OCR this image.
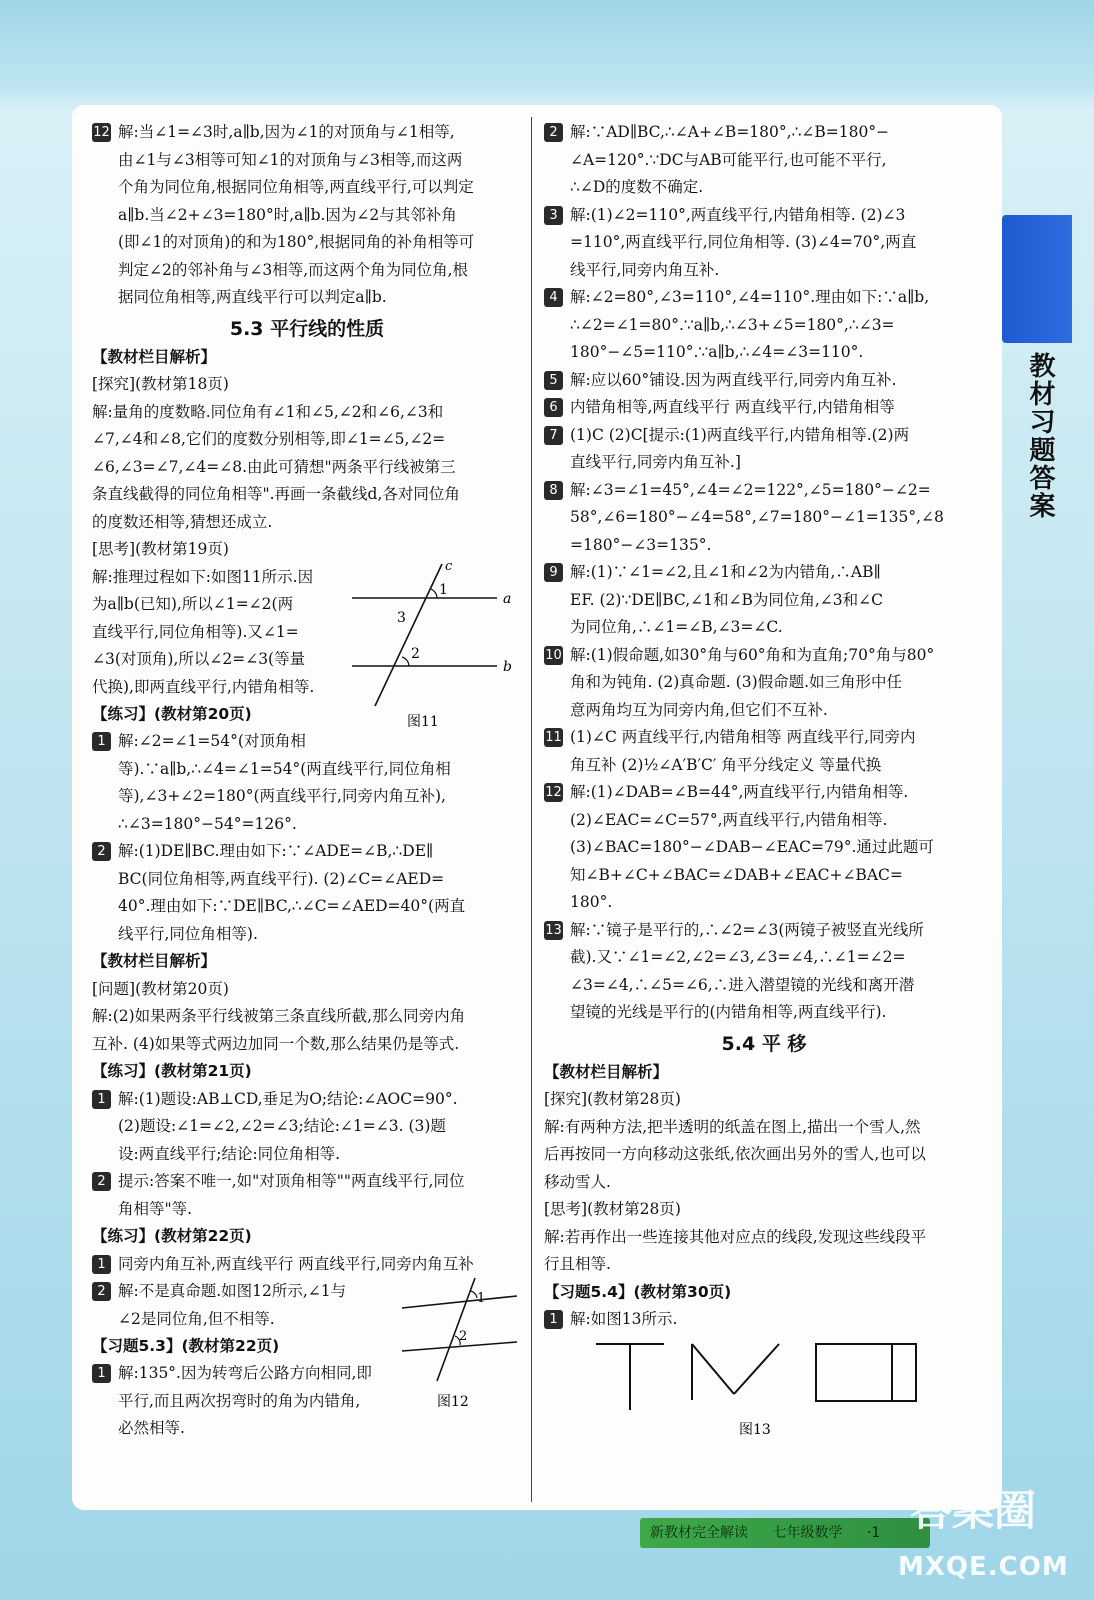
12 解:当∠1=∠3时,a∥b,因为∠1的对顶角与∠1相等,
由∠1与∠3相等可知∠1的对顶角与∠3相等,而这两
个角为同位角,根据同位角相等,两直线平行,可以判定
a∥b.当∠2+∠3=180°时,a∥b.因为∠2与其邻补角
(即∠1的对顶角)的和为180°,根据同角的补角相等可
判定∠2的邻补角与∠3相等,而这两个角为同位角,根
据同位角相等,两直线平行可以判定a∥b.
5.3 平行线的性质
【教材栏目解析】
[探究](教材第18页)
解:量角的度数略.同位角有∠1和∠5,∠2和∠6,∠3和
∠7,∠4和∠8,它们的度数分别相等,即∠1=∠5,∠2=
∠6,∠3=∠7,∠4=∠8.由此可猜想"两条平行线被第三
条直线截得的同位角相等".再画一条截线d,各对同位角
的度数还相等,猜想还成立.
[思考](教材第19页)
解:推理过程如下:如图11所示.因
为a∥b(已知),所以∠1=∠2(两
直线平行,同位角相等).又∠1=
∠3(对顶角),所以∠2=∠3(等量
代换),即两直线平行,内错角相等.
c
a
b
1
2
3
图11
【练习】(教材第20页)
1 解:∠2=∠1=54°(对顶角相
等).∵a∥b,∴∠4=∠1=54°(两直线平行,同位角相
等),∠3+∠2=180°(两直线平行,同旁内角互补),
∴∠3=180°−54°=126°.
2 解:(1)DE∥BC.理由如下:∵∠ADE=∠B,∴DE∥
BC(同位角相等,两直线平行). (2)∠C=∠AED=
40°.理由如下:∵DE∥BC,∴∠C=∠AED=40°(两直
线平行,同位角相等).
【教材栏目解析】
[问题](教材第20页)
解:(2)如果两条平行线被第三条直线所截,那么同旁内角
互补. (4)如果等式两边加同一个数,那么结果仍是等式.
【练习】(教材第21页)
1 解:(1)题设:AB⊥CD,垂足为O;结论:∠AOC=90°.
(2)题设:∠1=∠2,∠2=∠3;结论:∠1=∠3. (3)题
设:两直线平行;结论:同位角相等.
2 提示:答案不唯一,如"对顶角相等""两直线平行,同位
角相等"等.
【练习】(教材第22页)
1 同旁内角互补,两直线平行 两直线平行,同旁内角互补
2 解:不是真命题.如图12所示,∠1与
∠2是同位角,但不相等.
【习题5.3】(教材第22页)
1 解:135°.因为转弯后公路方向相同,即
平行,而且两次拐弯时的角为内错角,
必然相等.
1
2
图12
2 解:∵AD∥BC,∴∠A+∠B=180°,∴∠B=180°−
∠A=120°.∵DC与AB可能平行,也可能不平行,
∴∠D的度数不确定.
3 解:(1)∠2=110°,两直线平行,内错角相等. (2)∠3
=110°,两直线平行,同位角相等. (3)∠4=70°,两直
线平行,同旁内角互补.
4 解:∠2=80°,∠3=110°,∠4=110°.理由如下:∵a∥b,
∴∠2=∠1=80°.∵a∥b,∴∠3+∠5=180°,∴∠3=
180°−∠5=110°.∵a∥b,∴∠4=∠3=110°.
5 解:应以60°铺设.因为两直线平行,同旁内角互补.
6 内错角相等,两直线平行 两直线平行,内错角相等
7 (1)C (2)C[提示:(1)两直线平行,内错角相等.(2)两
直线平行,同旁内角互补.]
8 解:∠3=∠1=45°,∠4=∠2=122°,∠5=180°−∠2=
58°,∠6=180°−∠4=58°,∠7=180°−∠1=135°,∠8
=180°−∠3=135°.
9 解:(1)∵∠1=∠2,且∠1和∠2为内错角,∴AB∥
EF. (2)∵DE∥BC,∠1和∠B为同位角,∠3和∠C
为同位角,∴∠1=∠B,∠3=∠C.
10 解:(1)假命题,如30°角与60°角和为直角;70°角与80°
角和为钝角. (2)真命题. (3)假命题.如三角形中任
意两角均互为同旁内角,但它们不互补.
11 (1)∠C 两直线平行,内错角相等 两直线平行,同旁内
角互补 (2)½∠A′B′C′ 角平分线定义 等量代换
12 解:(1)∠DAB=∠B=44°,两直线平行,内错角相等.
(2)∠EAC=∠C=57°,两直线平行,内错角相等.
(3)∠BAC=180°−∠DAB−∠EAC=79°.通过此题可
知∠B+∠C+∠BAC=∠DAB+∠EAC+∠BAC=
180°.
13 解:∵镜子是平行的,∴∠2=∠3(两镜子被竖直光线所
截).又∵∠1=∠2,∠2=∠3,∠3=∠4,∴∠1=∠2=
∠3=∠4,∴∠5=∠6,∴进入潜望镜的光线和离开潜
望镜的光线是平行的(内错角相等,两直线平行).
5.4 平 移
【教材栏目解析】
[探究](教材第28页)
解:有两种方法,把半透明的纸盖在图上,描出一个雪人,然
后再按同一方向移动这张纸,依次画出另外的雪人,也可以
移动雪人.
[思考](教材第28页)
解:若再作出一些连接其他对应点的线段,发现这些线段平
行且相等.
【习题5.4】(教材第30页)
1 解:如图13所示.
图13
教材习题答案
新教材完全解读 七年级数学 ·1 答案圈
MXQE.COM
